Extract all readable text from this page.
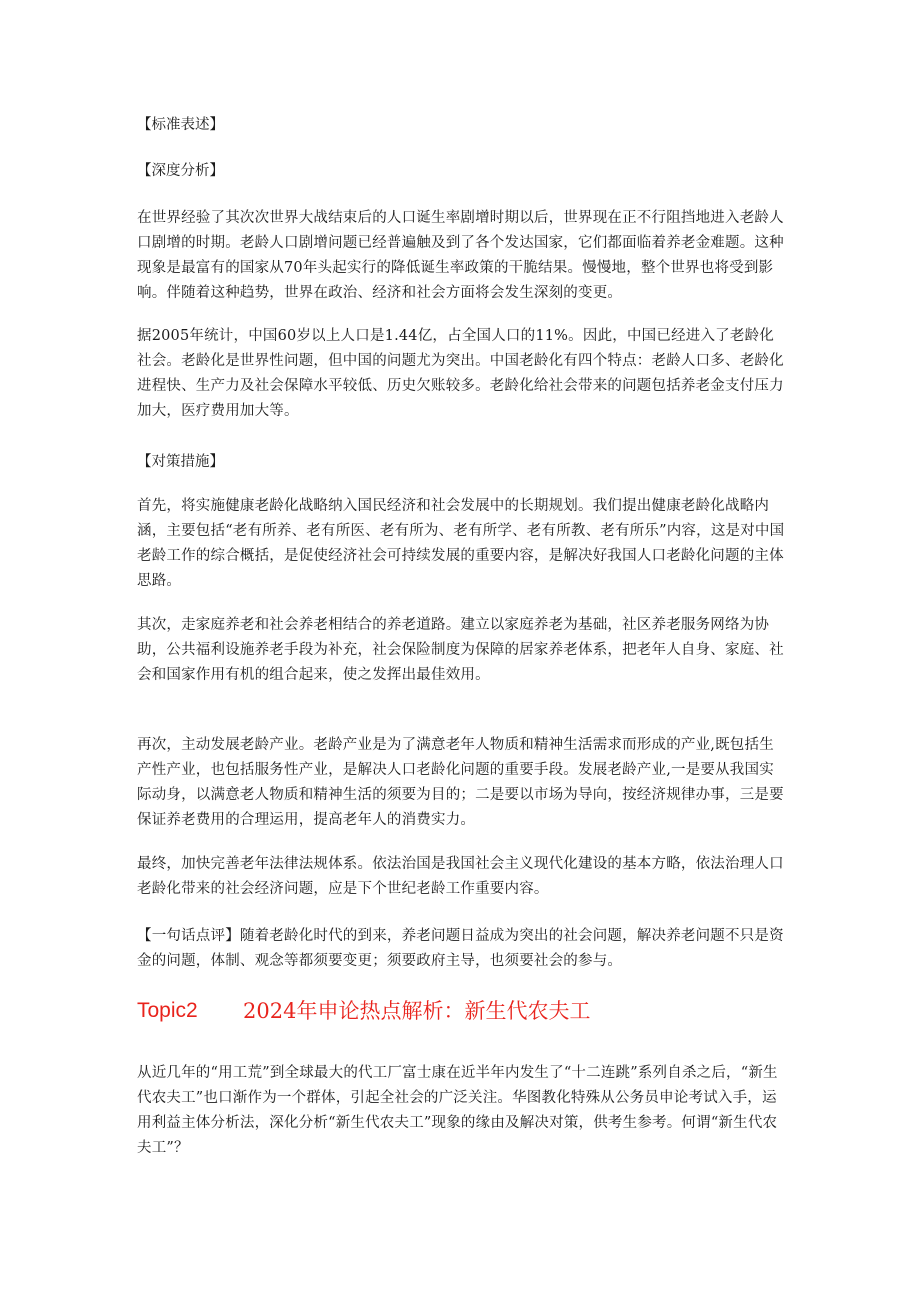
【标准表述】

【深度分析】

在世界经验了其次次世界大战结束后的人口诞生率剧增时期以后，世界现在正不行阻挡地进入老龄人口剧增的时期。老龄人口剧增问题已经普遍触及到了各个发达国家，它们都面临着养老金难题。这种现象是最富有的国家从70年头起实行的降低诞生率政策的干脆结果。慢慢地，整个世界也将受到影响。伴随着这种趋势，世界在政治、经济和社会方面将会发生深刻的变更。

据2005年统计，中国60岁以上人口是1.44亿，占全国人口的11%。因此，中国已经进入了老龄化社会。老龄化是世界性问题，但中国的问题尤为突出。中国老龄化有四个特点：老龄人口多、老龄化进程快、生产力及社会保障水平较低、历史欠账较多。老龄化给社会带来的问题包括养老金支付压力加大，医疗费用加大等。

【对策措施】

首先，将实施健康老龄化战略纳入国民经济和社会发展中的长期规划。我们提出健康老龄化战略内涵，主要包括“老有所养、老有所医、老有所为、老有所学、老有所教、老有所乐”内容，这是对中国老龄工作的综合概括，是促使经济社会可持续发展的重要内容，是解决好我国人口老龄化问题的主体思路。

其次，走家庭养老和社会养老相结合的养老道路。建立以家庭养老为基础，社区养老服务网络为协助，公共福利设施养老手段为补充，社会保险制度为保障的居家养老体系，把老年人自身、家庭、社会和国家作用有机的组合起来，使之发挥出最佳效用。

再次，主动发展老龄产业。老龄产业是为了满意老年人物质和精神生活需求而形成的产业,既包括生产性产业，也包括服务性产业，是解决人口老龄化问题的重要手段。发展老龄产业,一是要从我国实际动身，以满意老人物质和精神生活的须要为目的；二是要以市场为导向，按经济规律办事，三是要保证养老费用的合理运用，提高老年人的消费实力。

最终，加快完善老年法律法规体系。依法治国是我国社会主义现代化建设的基本方略，依法治理人口老龄化带来的社会经济问题，应是下个世纪老龄工作重要内容。

【一句话点评】随着老龄化时代的到来，养老问题日益成为突出的社会问题，解决养老问题不只是资金的问题，体制、观念等都须要变更；须要政府主导，也须要社会的参与。

Topic2 2024年申论热点解析：新生代农夫工

从近几年的“用工荒”到全球最大的代工厂富士康在近半年内发生了“十二连跳”系列自杀之后，“新生代农夫工”也口渐作为一个群体，引起全社会的广泛关注。华图教化特殊从公务员申论考试入手，运用利益主体分析法，深化分析“新生代农夫工”现象的缘由及解决对策，供考生参考。何谓“新生代农夫工”？
